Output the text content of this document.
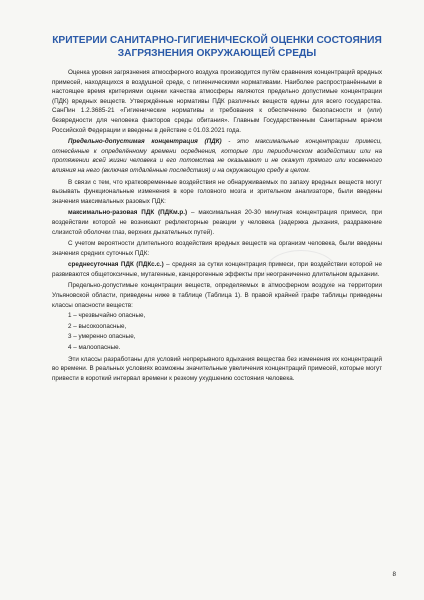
КРИТЕРИИ САНИТАРНО-ГИГИЕНИЧЕСКОЙ ОЦЕНКИ СОСТОЯНИЯ
ЗАГРЯЗНЕНИЯ ОКРУЖАЮЩЕЙ СРЕДЫ

Оценка уровня загрязнения атмосферного воздуха производится путём сравнения концентраций вредных примесей, находящихся в воздушной среде, с гигиеническими нормативами. Наиболее распространёнными в настоящее время критериями оценки качества атмосферы являются предельно допустимые концентрации (ПДК) вредных веществ. Утверждённые нормативы ПДК различных веществ едины для всего государства. СанПин 1.2.3685-21 «Гигиенические нормативы и требования к обеспечению безопасности и (или) безвредности для человека факторов среды обитания». Главным Государственным Санитарным врачом Российской Федерации и введены в действие с 01.03.2021 года.

Предельно-допустимая концентрация (ПДК) - это максимальные концентрации примеси, отнесённые к определённому времени осреднения, которые при периодическом воздействии или на протяжении всей жизни человека и его потомства не оказывают и не окажут прямого или косвенного влияния на него (включая отдалённые последствия) и на окружающую среду в целом.

В связи с тем, что кратковременные воздействия не обнаруживаемых по запаху вредных веществ могут вызывать функциональные изменения в коре головного мозга и зрительном анализаторе, были введены значения максимальных разовых ПДК:

максимально-разовая ПДК (ПДКм.р.) – максимальная 20-30 минутная концентрация примеси, при воздействии которой не возникают рефлекторные реакции у человека (задержка дыхания, раздражение слизистой оболочки глаз, верхних дыхательных путей).

С учетом вероятности длительного воздействия вредных веществ на организм человека, были введены значения средних суточных ПДК:

среднесуточная ПДК (ПДКс.с.) – средняя за сутки концентрация примеси, при воздействии которой не развиваются общетоксичные, мутагенные, канцерогенные эффекты при неограниченно длительном вдыхании.

Предельно-допустимые концентрации веществ, определяемых в атмосферном воздухе на территории Ульяновской области, приведены ниже в таблице (Таблица 1). В правой крайней графе таблицы приведены классы опасности веществ:

1 – чрезвычайно опасные,
2 – высокоопасные,
3 – умеренно опасные,
4 – малоопасные.

Эти классы разработаны для условий непрерывного вдыхания вещества без изменения их концентраций во времени. В реальных условиях возможны значительные увеличения концентраций примесей, которые могут привести в короткий интервал времени к резкому ухудшению состояния человека.

8
